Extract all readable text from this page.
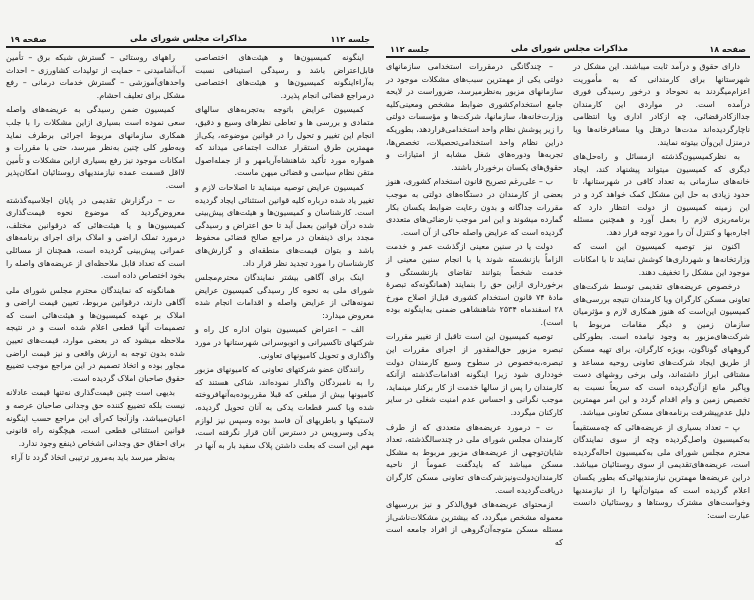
جلسه ۱۱۲
مذاکرات مجلس شورای ملی
صفحه ۱۹

راههای روستائی – گسترش شبکه برق – تأمین آب‌آشامیدنی – حمایت از تولیدات کشاورزی – احداث واحدهای‌آموزشی – گسترش خدمات درمانی – رفع مشکل برای تعلیف احشام.

کمیسیون ضمن رسیدگی به عریضه‌های واصله سعی نموده است بسیاری ازاین مشکلات را با جلب همکاری سازمانهای مربوط اجرائی برطرف نماید وبه‌طور کلی چنین به‌نظر میرسد، حتی با مقررات و امکانات موجود نیز رفع بسیاری ازاین مشکلات و تأمین لااقل قسمت عمده نیازمندیهای روستائیان امکان‌پذیر است.

ت – درگزارش تقدیمی در پایان اجلاسیه‌گذشته معروض‌گردید که موضوع نحوه قیمت‌گذاری کمیسیون‌ها و یا هیئت‌هائی که درقوانین مختلف، درمورد تملک اراضی و املاک برای اجرای برنامه‌های عمرانی پیش‌بینی گردیده است، همچنان از مسائلی است که تعداد قابل ملاحظه‌ای از عریضه‌های واصله را بخود اختصاص داده است.

همانگونه که نمایندگان محترم مجلس شورای ملی آگاهی دارند، درقوانین مربوط، تعیین قیمت اراضی و املاک بر عهده کمیسیون‌ها و هیئت‌هائی است که تصمیمات آنها قطعی اعلام شده است و در نتیجه ملاحظه میشود که در بعضی موارد، قیمت‌های تعیین شده بدون توجه به ارزش واقعی و نیز قیمت اراضی مجاور بوده و اتخاذ تصمیم در این مراجع موجب تضییع حقوق صاحبان املاک گردیده است.

بدیهی است چنین قیمت‌گذاری نه‌تنها قیمت عادلانه نیست بلکه تضییع کننده حق وجدانی صاحبان عرصه و اعیان‌میباشد، وازآنجا که‌رأی این مراجع حسب اینگونه قوانین استثنائی قطعی است، هیچگونه راه قانونی برای احقاق حق وجدانی اشخاص ذینفع وجود ندارد.

به‌نظر میرسد باید به‌مرور ترتیبی اتخاذ گردد تا آراء

اینگونه کمیسیون‌ها و هیئت‌های اختصاصی قابل‌اعتراض باشد و رسیدگی استینافی نسبت به‌آراءاینگونه کمیسیون‌ها و هیئت‌های اختصاصی درمراجع قضائی انجام پذیرد.

کمیسیون عرایض باتوجه به‌تجربه‌های سالهای متمادی و بررسی ها و تعاطی نظرهای وسیع و دقیق، انجام این تغییر و تحول را در قوانین موضوعه، یکی‌از مهمترین طرق استقرار عدالت اجتماعی میداند که همواره مورد تأکید شاهنشاه‌آریامهر و از جمله‌اصول متقن نظام سیاسی و قضائی میهن ماست.

کمیسیون عرایض توصیه مینماید تا اصلاحات لازم و تغییر یاد شده درباره کلیه قوانین استثنائی ایجاد گردیده است. کارشناسان و کمیسیون‌ها و هیئت‌های پیش‌بینی شده درآن قوانین بعمل آید تا حق اعتراض و رسیدگی مجدد برای ذینفعان در مراجع صالح قضائی محفوظ باشد و بتوان قیمت‌های منطقه‌ای و گزارش‌های کارشناسان را مورد تجدید نظر قرار داد.

اینک برای آگاهی بیشتر نمایندگان محترم‌مجلس شورای ملی به نحوه کار رسیدگی کمیسیون عرایض نمونه‌هائی از عرایض واصله و اقدامات انجام شده معروض میدارد:

الف – اعتراض کمیسیون بنوان اداره کل راه و شرکتهای تاکسیرانی و اتوبوسرانی شهرستانها در مورد واگذاری و تحویل کامیونهای تعاونی.

رانندگان عضو شرکتهای تعاونی که کامیونهای مزبور را به نامبردگان واگذار نموده‌اند، شاکی هستند که کامیونها بیش از مبلغی که قبلا مقرربوده‌به‌آنهافروخته شده وبا کسر قطعات یدکی به آنان تحویل گردیده، لاستیکها و باطریهای آن فاسد بوده وسپس نیز لوازم یدکی وسرویس در دسترس آنان قرار نگرفته است، مهم این است که بعلت داشتن پلاک سفید بار به آنها در

صفحه ۱۸
مذاکرات مجلس شورای ملی
جلسه ۱۱۲

– چندگانگی درمقررات استخدامی سازمانهای دولتی یکی از مهمترین سبب‌های مشکلات موجود در سازمانهای مزبور به‌نظرمیرسد، ضروراست در لایحه جامع استخدام‌کشوری ضوابط مشخص ومعینی‌کلیه وزارت‌خانه‌ها، سازمانها، شرکت‌ها و مؤسسات دولتی را زیر پوشش نظام واحد استخدامی‌قراردهد، بطوریکه دراین نظام واحد استخدامی‌تحصیلات، تخصص‌ها، تجربه‌ها ودوره‌های شغل مشابه از امتیازات و حقوق‌های یکسان برخوردار باشند.

ب – علی‌رغم تصریح قانون استخدام کشوری، هنوز بعضی از کارمندان در دستگاه‌های دولتی به موجب مقررات جداگانه و بدون رعایت ضوابط یکسان بکار گمارده میشوند و این امر موجب نارضائی‌های متعددی گردیده است که عرایض واصله حاکی از آن است.

دولت یا در سنین معینی ازگذشت عمر و خدمت الزاماً بازنشسته شوند یا با انجام سنین معینی از خدمت شخصاً بتوانند تقاضای بازنشستگی و برخورداری ازاین حق را بنمایند (همانگونه‌که تبصرهٔ مادهٔ ۷۴ قانون استخدام کشوری قبل‌از اصلاح مورخ ۲۸ اسفندماه ۲۵۳۴ شاهنشاهی ضمنی به‌اینگونه بوده است).

توصیه کمیسیون این است تاقبل از تغییر مقررات تبصره مزبور حق‌المقدور از اجرای مقررات این تبصره،به‌خصوص در سطوح وسیع کارمندان دولت خودداری شود زیرا اینگونه اقدامات‌گذشته ازآنکه کارمندان را پس از سالها خدمت از کار برکنار مینماید، موجب نگرانی و احساس عدم امنیت شغلی در سایر کارکنان میگردد.

ت – درمورد عریضه‌های متعددی که از طرف کارمندان مجلس شورای ملی در چندسالگذشته، تعداد شایان‌توجهی از عریضه‌های مزبور مربوط به مشکل مسکن میباشد که بایدگفت عموماً از ناحیه کارمندان‌دولت‌ونیزشرکت‌های تعاونی مسکن کارگران دریافت‌گردیده است.

از‌محتوای عریضه‌های فوق‌الذکر و نیز بررسیهای معموله مشخص میگردد، که بیشترین مشکلات‌ناشی‌از مسئله مسکن متوجه‌آن‌گروهی از افراد جامعه است که

دارای حقوق و درآمد ثابت میباشند. این مشکل در شهرستانها برای کارمندانی که به مأموریت اعزام‌میگردند به نحوحاد و درخور رسیدگی فوری درآمده است. در مواردی این کارمندان جدا‌ازکادرقضائی، چه ازکادر اداری ویا انتظامی ناچارگردیده‌اند مدت‌ها درهتل ویا مسافرخانه‌ها ویا درمنزل این‌وآن بیتوته نمایند.

به نظرکمیسیون‌گذشته ازمسائل و راه‌حل‌های دیگری که کمیسیون میتواند پیشنهاد کند، ایجاد خانه‌های سازمانی به تعداد کافی در شهرستانها، تا حدود زیادی به حل این مشکل کمک خواهد کرد و در این زمینه کمیسیون از دولت انتظار دارد که برنامه‌ریزی لازم را بعمل آورد و همچنین مسئله اجاره‌بها و کنترل آن را مورد توجه قرار دهد.

اکنون نیز توصیه کمیسیون این است که وزارتخانه‌ها و شهرداری‌ها کوشش نمایند تا با امکانات موجود این مشکل را تخفیف دهند.

درخصوص عریضه‌های تقدیمی توسط شرکت‌های تعاونی مسکن کارگران ویا کارمندان نتیجه بررسی‌های کمیسیون این‌است که هنوز همکاری لازم و مؤثرمیان سازمان زمین و دیگر مقامات مربوط با شرکت‌های‌مزبور به وجود نیامده است. بطورکلی گروههای گوناگون، بویژه کارگران، برای تهیه مسکن از طریق ایجاد شرکت‌های تعاونی روحیه مساعد و مشتاقی ابراز داشته‌اند، ولی برخی روشهای دست وپاگیر مانع ازآن‌گردیده است که سریعاً نسبت به تخصیص زمین و وام اقدام گردد و این امر مهمترین دلیل عدم‌پیشرفت برنامه‌های مسکن تعاونی میباشد.

پ – تعداد بسیاری از عریضه‌هائی که چه‌مستقیماً به‌کمیسیون واصل‌گردیده وچه از سوی نمایندگان محترم مجلس شورای ملی به‌کمیسیون احاله‌گردیده است، عریضه‌های‌تقدیمی از سوی روستائیان میباشد. دراین عریضه‌ها مهمترین نیازمندیهائی‌که بطور یکسان اعلام گردیده است که میتوان‌آنها را از نیازمندیها وخواست‌های مشترک روستاها و روستائیان دانست عبارت است:
